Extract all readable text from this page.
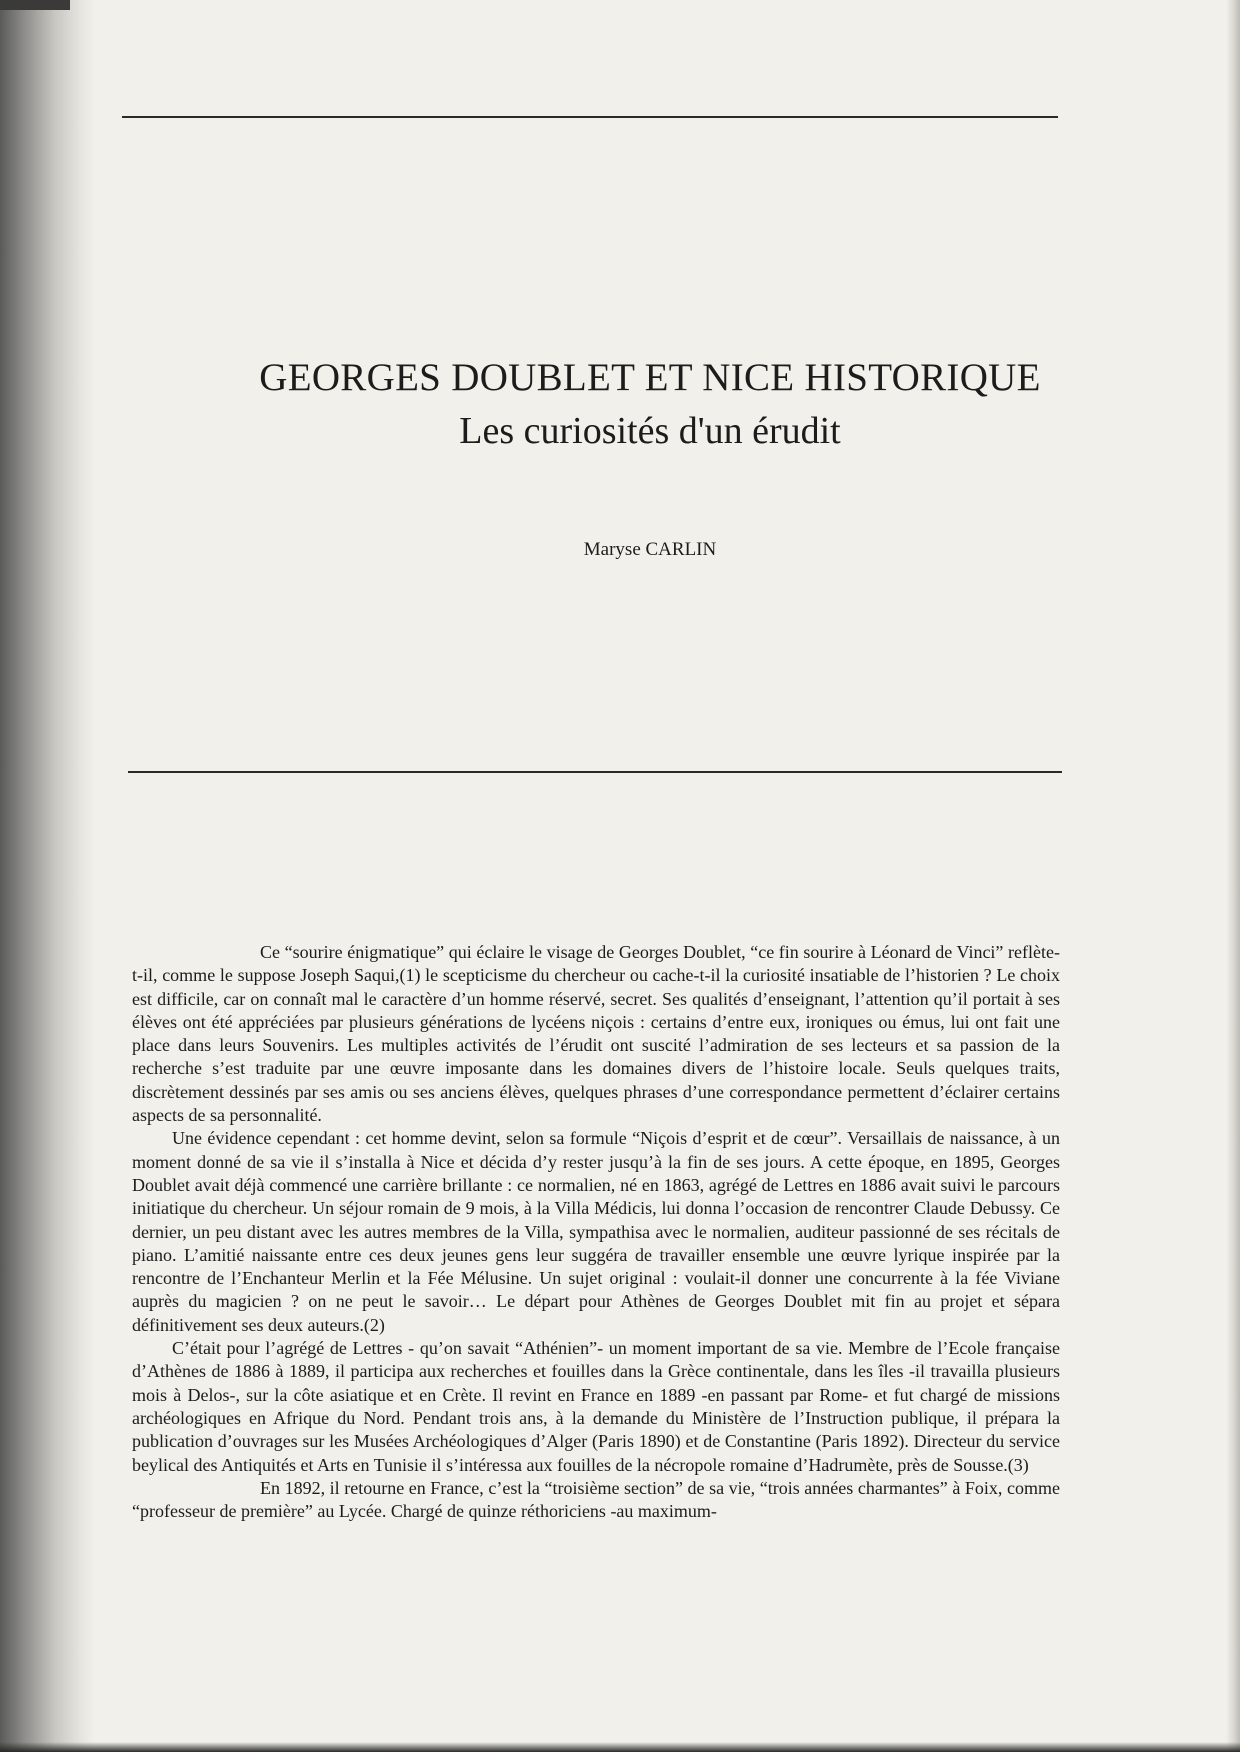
GEORGES DOUBLET ET NICE HISTORIQUE
Les curiosités d'un érudit
Maryse CARLIN

Ce “sourire énigmatique” qui éclaire le visage de Georges Doublet, “ce fin sourire à Léonard de Vinci” reflète-t-il, comme le suppose Joseph Saqui,(1) le scepticisme du chercheur ou cache-t-il la curiosité insatiable de l’historien ? Le choix est difficile, car on connaît mal le caractère d’un homme réservé, secret. Ses qualités d’enseignant, l’attention qu’il portait à ses élèves ont été appréciées par plusieurs générations de lycéens niçois : certains d’entre eux, ironiques ou émus, lui ont fait une place dans leurs Souvenirs. Les multiples activités de l’érudit ont suscité l’admiration de ses lecteurs et sa passion de la recherche s’est traduite par une œuvre imposante dans les domaines divers de l’histoire locale. Seuls quelques traits, discrètement dessinés par ses amis ou ses anciens élèves, quelques phrases d’une correspondance permettent d’éclairer certains aspects de sa personnalité.

Une évidence cependant : cet homme devint, selon sa formule “Niçois d’esprit et de cœur”. Versaillais de naissance, à un moment donné de sa vie il s’installa à Nice et décida d’y rester jusqu’à la fin de ses jours. A cette époque, en 1895, Georges Doublet avait déjà commencé une carrière brillante : ce normalien, né en 1863, agrégé de Lettres en 1886 avait suivi le parcours initiatique du chercheur. Un séjour romain de 9 mois, à la Villa Médicis, lui donna l’occasion de rencontrer Claude Debussy. Ce dernier, un peu distant avec les autres membres de la Villa, sympathisa avec le normalien, auditeur passionné de ses récitals de piano. L’amitié naissante entre ces deux jeunes gens leur suggéra de travailler ensemble une œuvre lyrique inspirée par la rencontre de l’Enchanteur Merlin et la Fée Mélusine. Un sujet original : voulait-il donner une concurrente à la fée Viviane auprès du magicien ? on ne peut le savoir… Le départ pour Athènes de Georges Doublet mit fin au projet et sépara définitivement ses deux auteurs.(2)

C’était pour l’agrégé de Lettres - qu’on savait “Athénien”- un moment important de sa vie. Membre de l’Ecole française d’Athènes de 1886 à 1889, il participa aux recherches et fouilles dans la Grèce continentale, dans les îles -il travailla plusieurs mois à Delos-, sur la côte asiatique et en Crète. Il revint en France en 1889 -en passant par Rome- et fut chargé de missions archéologiques en Afrique du Nord. Pendant trois ans, à la demande du Ministère de l’Instruction publique, il prépara la publication d’ouvrages sur les Musées Archéologiques d’Alger (Paris 1890) et de Constantine (Paris 1892). Directeur du service beylical des Antiquités et Arts en Tunisie il s’intéressa aux fouilles de la nécropole romaine d’Hadrumète, près de Sousse.(3)

En 1892, il retourne en France, c’est la “troisième section” de sa vie, “trois années charmantes” à Foix, comme “professeur de première” au Lycée. Chargé de quinze réthoriciens -au maximum-
